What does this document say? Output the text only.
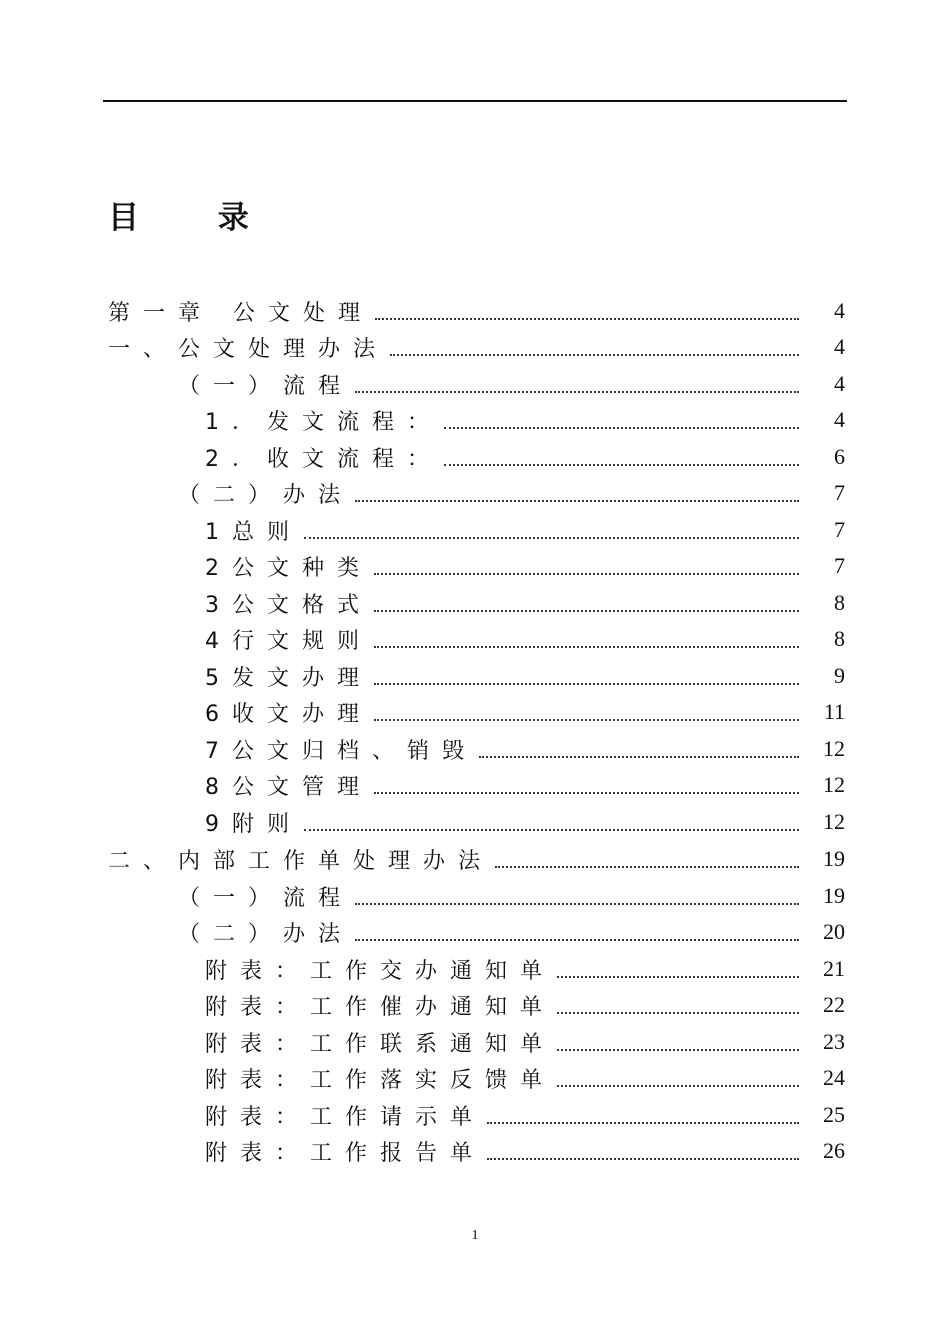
目 录
第一章 公文处理	4
一、公文处理办法	4
（一）流程	4
1．发文流程：	4
2．收文流程：	6
（二）办法	7
1总则	7
2公文种类	7
3公文格式	8
4行文规则	8
5发文办理	9
6收文办理	11
7公文归档、销毁	12
8公文管理	12
9附则	12
二、内部工作单处理办法	19
（一）流程	19
（二）办法	20
附表：工作交办通知单	21
附表：工作催办通知单	22
附表：工作联系通知单	23
附表：工作落实反馈单	24
附表：工作请示单	25
附表：工作报告单	26
1
